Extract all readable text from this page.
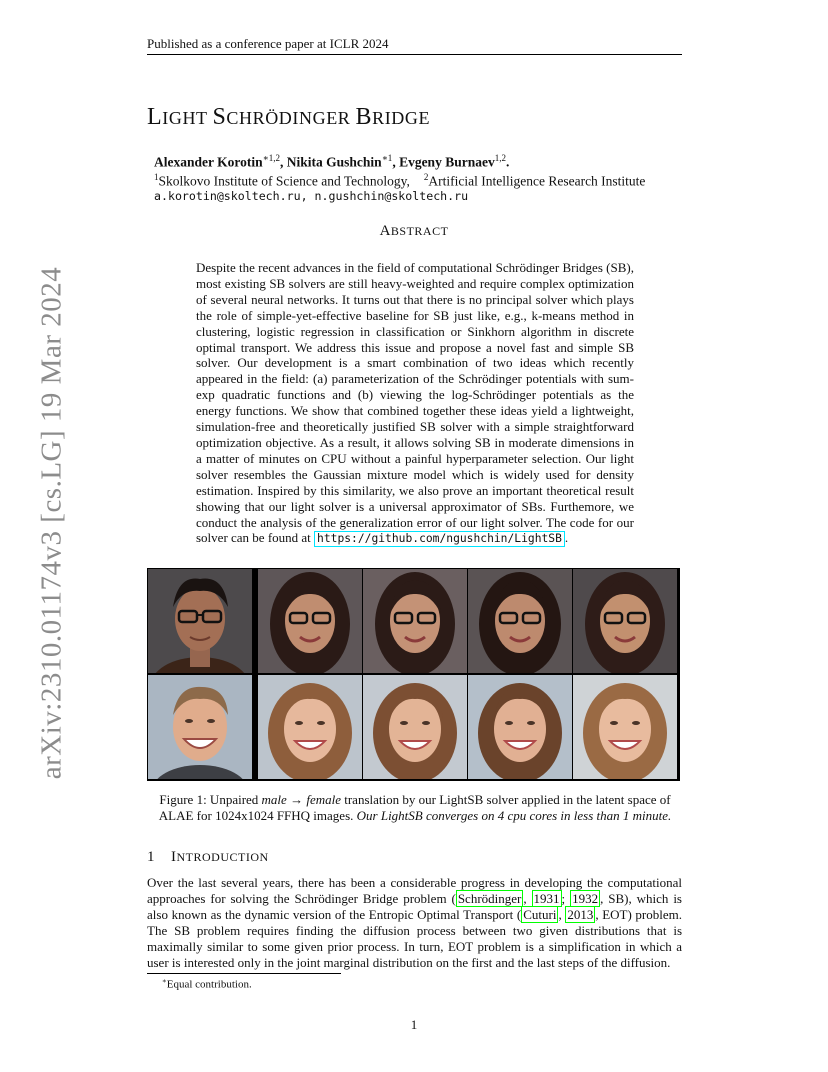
Published as a conference paper at ICLR 2024
arXiv:2310.01174v3 [cs.LG] 19 Mar 2024
LIGHT SCHRÖDINGER BRIDGE
Alexander Korotin$^{∗1,2}$, Nikita Gushchin$^{∗1}$, Evgeny Burnaev$^{1,2}$.
$^1$Skolkovo Institute of Science and Technology, $^2$Artificial Intelligence Research Institute
a.korotin@skoltech.ru, n.gushchin@skoltech.ru
ABSTRACT
Despite the recent advances in the field of computational Schrödinger Bridges (SB), most existing SB solvers are still heavy-weighted and require complex optimization of several neural networks. It turns out that there is no principal solver which plays the role of simple-yet-effective baseline for SB just like, e.g., k-means method in clustering, logistic regression in classification or Sinkhorn algorithm in discrete optimal transport. We address this issue and propose a novel fast and simple SB solver. Our development is a smart combination of two ideas which recently appeared in the field: (a) parameterization of the Schrödinger potentials with sum-exp quadratic functions and (b) viewing the log-Schrödinger potentials as the energy functions. We show that combined together these ideas yield a lightweight, simulation-free and theoretically justified SB solver with a simple straightforward optimization objective. As a result, it allows solving SB in moderate dimensions in a matter of minutes on CPU without a painful hyperparameter selection. Our light solver resembles the Gaussian mixture model which is widely used for density estimation. Inspired by this similarity, we also prove an important theoretical result showing that our light solver is a universal approximator of SBs. Furthemore, we conduct the analysis of the generalization error of our light solver. The code for our solver can be found at https://github.com/ngushchin/LightSB .
Figure 1: Unpaired male → female translation by our LightSB solver applied in the latent space of ALAE for 1024x1024 FFHQ images. Our LightSB converges on 4 cpu cores in less than 1 minute.
1 INTRODUCTION
Over the last several years, there has been a considerable progress in developing the computational approaches for solving the Schrödinger Bridge problem ( Schrödinger , 1931 ; 1932 , SB), which is also known as the dynamic version of the Entropic Optimal Transport ( Cuturi , 2013 , EOT) problem. The SB problem requires finding the diffusion process between two given distributions that is maximally similar to some given prior process. In turn, EOT problem is a simplification in which a user is interested only in the joint marginal distribution on the first and the last steps of the diffusion.
∗Equal contribution.
1
